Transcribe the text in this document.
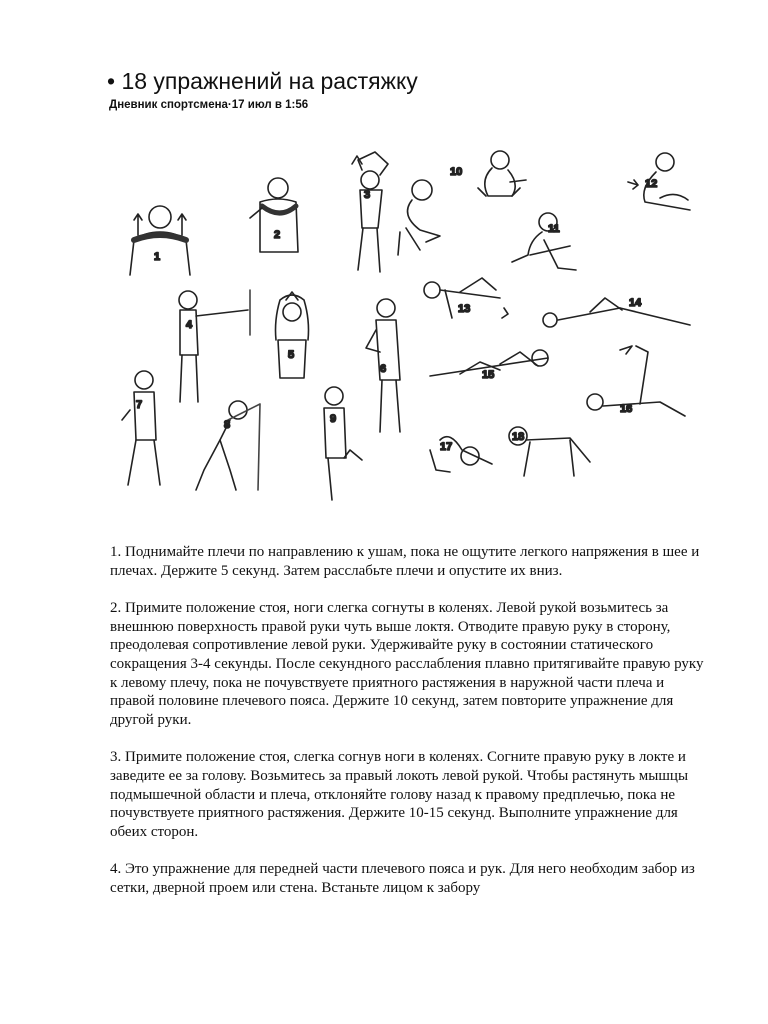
• 18 упражнений на растяжку
Дневник спортсмена·17 июл в 1:56
1
2
3
10
12
11
4
5
6
13	14
15
16
7
8	9
17
18

1. Поднимайте плечи по направлению к ушам, пока не ощутите легкого напряжения в шее и плечах. Держите 5 секунд. Затем расслабьте плечи и опустите их вниз.

2. Примите положение стоя, ноги слегка согнуты в коленях. Левой рукой возьмитесь за внешнюю поверхность правой руки чуть выше локтя. Отводите правую руку в сторону, преодолевая сопротивление левой руки. Удерживайте руку в состоянии статического сокращения 3-4 секунды. После секундного расслабления плавно притягивайте правую руку к левому плечу, пока не почувствуете приятного растяжения в наружной части плеча и правой половине плечевого пояса. Держите 10 секунд, затем повторите упражнение для другой руки.

3. Примите положение стоя, слегка согнув ноги в коленях. Согните правую руку в локте и заведите ее за голову. Возьмитесь за правый локоть левой рукой. Чтобы растянуть мышцы подмышечной области и плеча, отклоняйте голову назад к правому предплечью, пока не почувствуете приятного растяжения. Держите 10-15 секунд. Выполните упражнение для обеих сторон.

4. Это упражнение для передней части плечевого пояса и рук. Для него необходим забор из сетки, дверной проем или стена. Встаньте лицом к забору
